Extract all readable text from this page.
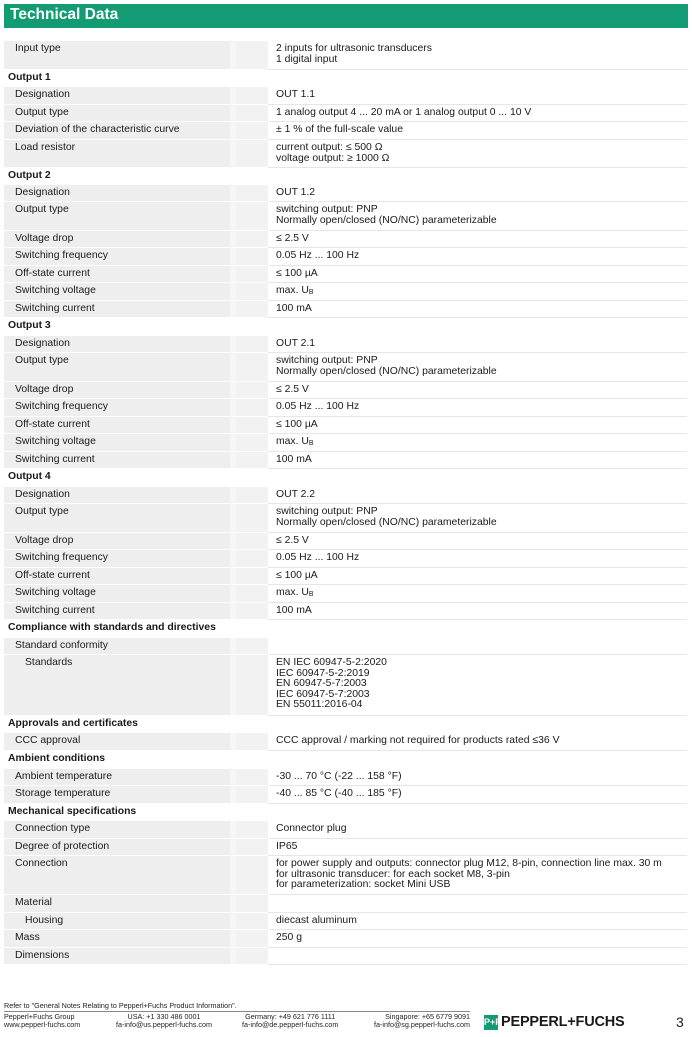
Technical Data
Input type	2 inputs for ultrasonic transducers
1 digital input
Output 1
Designation	OUT 1.1
Output type	1 analog output 4 ... 20 mA or 1 analog output 0 ... 10 V
Deviation of the characteristic curve	± 1 % of the full-scale value
Load resistor	current output: ≤ 500 Ω
voltage output: ≥ 1000 Ω
Output 2
Designation	OUT 1.2
Output type	switching output: PNP
Normally open/closed (NO/NC) parameterizable
Voltage drop	≤ 2.5 V
Switching frequency	0.05 Hz ... 100 Hz
Off-state current	≤ 100 µA
Switching voltage	max. $U_B$
Switching current	100 mA
Output 3
Designation	OUT 2.1
Output type	switching output: PNP
Normally open/closed (NO/NC) parameterizable
Voltage drop	≤ 2.5 V
Switching frequency	0.05 Hz ... 100 Hz
Off-state current	≤ 100 µA
Switching voltage	max. $U_B$
Switching current	100 mA
Output 4
Designation	OUT 2.2
Output type	switching output: PNP
Normally open/closed (NO/NC) parameterizable
Voltage drop	≤ 2.5 V
Switching frequency	0.05 Hz ... 100 Hz
Off-state current	≤ 100 µA
Switching voltage	max. $U_B$
Switching current	100 mA
Compliance with standards and directives
Standard conformity
Standards	EN IEC 60947-5-2:2020
IEC 60947-5-2:2019
EN 60947-5-7:2003
IEC 60947-5-7:2003
EN 55011:2016-04
Approvals and certificates
CCC approval	CCC approval / marking not required for products rated ≤36 V
Ambient conditions
Ambient temperature	-30 ... 70 °C (-22 ... 158 °F)
Storage temperature	-40 ... 85 °C (-40 ... 185 °F)
Mechanical specifications
Connection type	Connector plug
Degree of protection	IP65
Connection	for power supply and outputs: connector plug M12, 8-pin, connection line max. 30 m
for ultrasonic transducer: for each socket M8, 3-pin
for parameterization: socket Mini USB
Material
Housing	diecast aluminum
Mass	250 g
Dimensions
Refer to "General Notes Relating to Pepperl+Fuchs Product Information".
Pepperl+Fuchs Group
www.pepperl-fuchs.com
USA: +1 330 486 0001
fa-info@us.pepperl-fuchs.com
Germany: +49 621 776 1111
fa-info@de.pepperl-fuchs.com
Singapore: +65 6779 9091
fa-info@sg.pepperl-fuchs.com P+F PEPPERL+FUCHS	3
